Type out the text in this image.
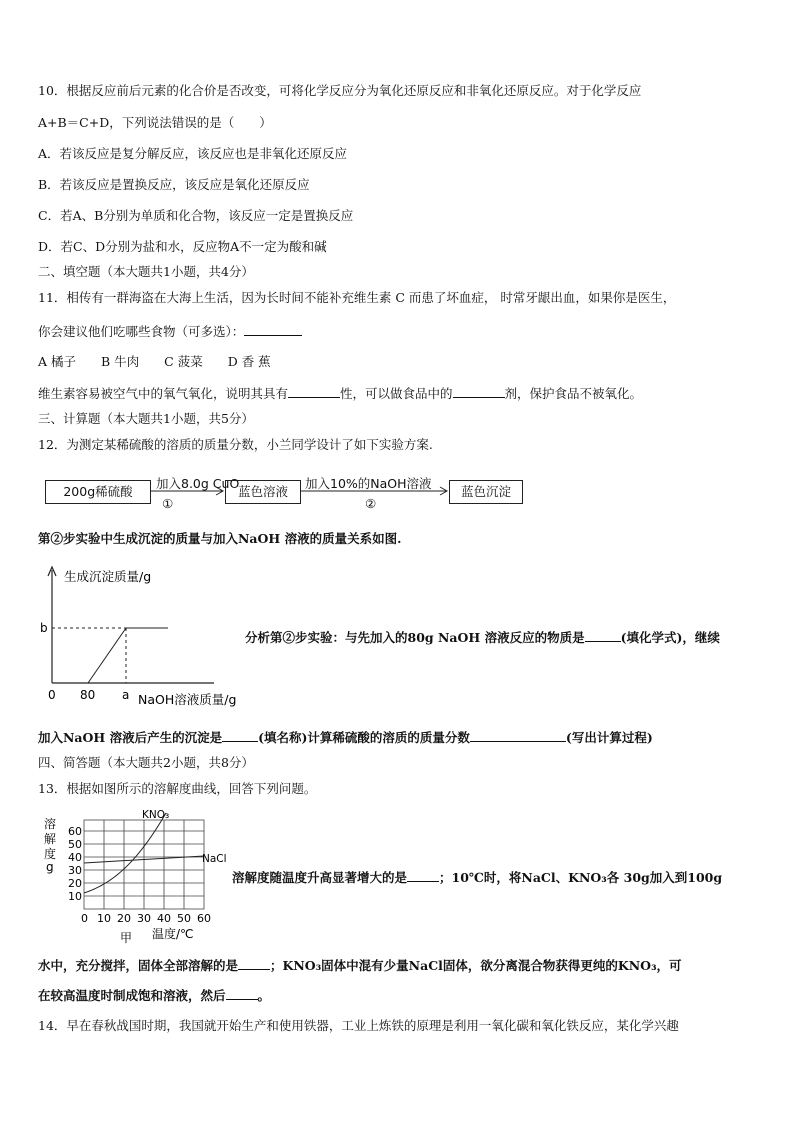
10．根据反应前后元素的化合价是否改变，可将化学反应分为氧化还原反应和非氧化还原反应。对于化学反应
A+B＝C+D，下列说法错误的是（　　）
A．若该反应是复分解反应，该反应也是非氧化还原反应
B．若该反应是置换反应，该反应是氧化还原反应
C．若A、B分别为单质和化合物，该反应一定是置换反应
D．若C、D分别为盐和水，反应物A不一定为酸和碱
二、填空题（本大题共1小题，共4分）
11．相传有一群海盗在大海上生活，因为长时间不能补充维生素 C 而患了坏血症， 时常牙龈出血，如果你是医生，
你会建议他们吃哪些食物（可多选）：
A 橘子　　B 牛肉　　C 菠菜　　D 香 蕉
维生素容易被空气中的氧气氧化，说明其具有	性，可以做食品中的	剂，保护食品不被氧化。
三、计算题（本大题共1小题，共5分）
12．为测定某稀硫酸的溶质的质量分数，小兰同学设计了如下实验方案.
200g稀硫酸
加入8.0g CuO
①
蓝色溶液
加入10%的NaOH溶液
②
蓝色沉淀
第②步实验中生成沉淀的质量与加入NaOH 溶液的质量关系如图.
生成沉淀质量/g
b
0 80 a NaOH溶液质量/g
分析第②步实验：与先加入的80g NaOH 溶液反应的物质是	(填化学式)，继续
加入NaOH 溶液后产生的沉淀是	(填名称)计算稀硫酸的溶质的质量分数	(写出计算过程)
四、简答题（本大题共2小题，共8分）
13．根据如图所示的溶解度曲线，回答下列问题。
溶
解
度
g
10
20
30
40
50
60
0 10 20 30 40 50 60
KNO₃
NaCl
温度/℃
甲
溶解度随温度升高显著增大的是	；10℃时，将NaCl、KNO₃各 30g加入到100g
水中，充分搅拌，固体全部溶解的是	；KNO₃固体中混有少量NaCl固体，欲分离混合物获得更纯的KNO₃，可
在较高温度时制成饱和溶液，然后	。
14．早在春秋战国时期，我国就开始生产和使用铁器，工业上炼铁的原理是利用一氧化碳和氧化铁反应，某化学兴趣
